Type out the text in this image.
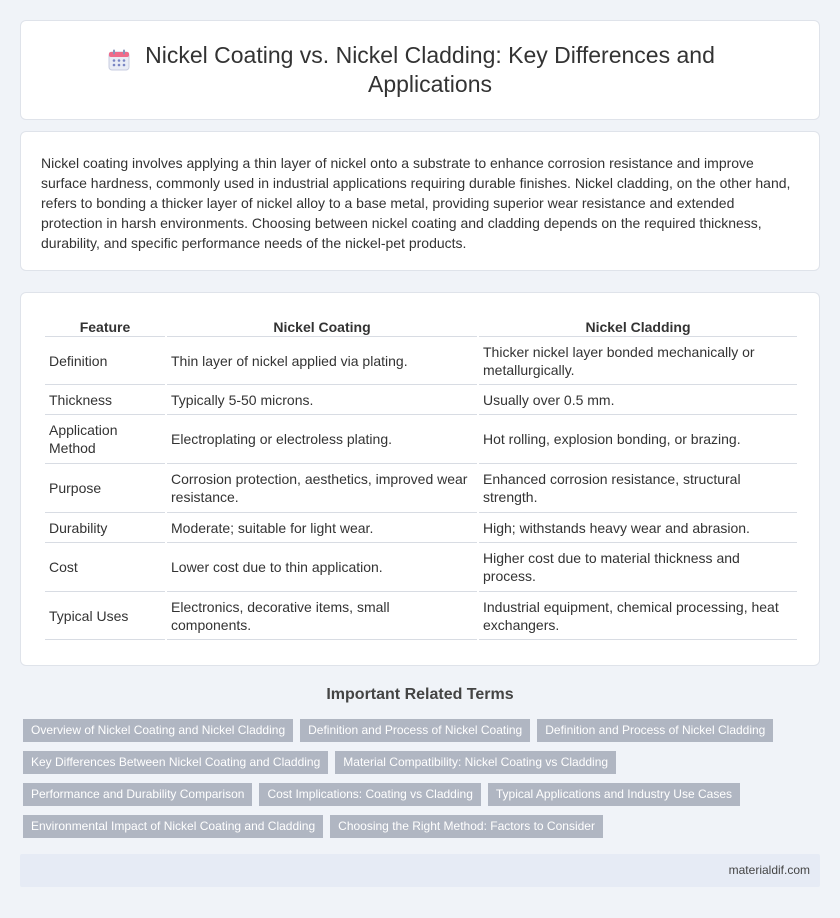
Nickel Coating vs. Nickel Cladding: Key Differences and Applications

Nickel coating involves applying a thin layer of nickel onto a substrate to enhance corrosion resistance and improve surface hardness, commonly used in industrial applications requiring durable finishes. Nickel cladding, on the other hand, refers to bonding a thicker layer of nickel alloy to a base metal, providing superior wear resistance and extended protection in harsh environments. Choosing between nickel coating and cladding depends on the required thickness, durability, and specific performance needs of the nickel-pet products.

Feature	Nickel Coating	Nickel Cladding
Definition	Thin layer of nickel applied via plating.	Thicker nickel layer bonded mechanically or metallurgically.
Thickness	Typically 5-50 microns.	Usually over 0.5 mm.
Application Method	Electroplating or electroless plating.	Hot rolling, explosion bonding, or brazing.
Purpose	Corrosion protection, aesthetics, improved wear resistance.	Enhanced corrosion resistance, structural strength.
Durability	Moderate; suitable for light wear.	High; withstands heavy wear and abrasion.
Cost	Lower cost due to thin application.	Higher cost due to material thickness and process.
Typical Uses	Electronics, decorative items, small components.	Industrial equipment, chemical processing, heat exchangers.
Important Related Terms
Overview of Nickel Coating and Nickel Cladding	Definition and Process of Nickel Coating	Definition and Process of Nickel Cladding
Key Differences Between Nickel Coating and Cladding	Material Compatibility: Nickel Coating vs Cladding
Performance and Durability Comparison	Cost Implications: Coating vs Cladding	Typical Applications and Industry Use Cases
Environmental Impact of Nickel Coating and Cladding	Choosing the Right Method: Factors to Consider
materialdif.com
